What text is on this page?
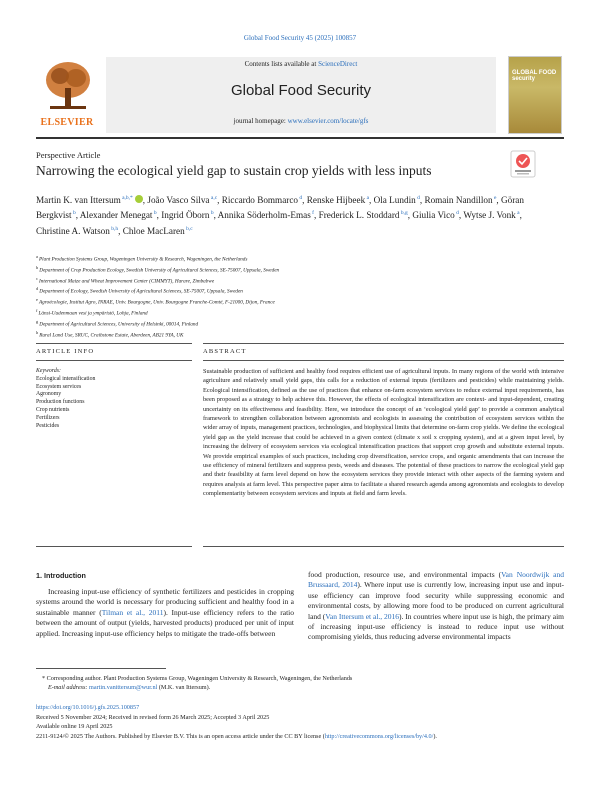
Global Food Security 45 (2025) 100857
ELSEVIER
Contents lists available at ScienceDirect
Global Food Security
journal homepage: www.elsevier.com/locate/gfs
GLOBAL FOOD security
Perspective Article
Narrowing the ecological yield gap to sustain crop yields with less inputs
Martin K. van Ittersum $^{a,b,*}$ , João Vasco Silva $^{a,c}$, Riccardo Bommarco $^d$, Renske Hijbeek $^a$, Ola Lundin $^d$, Romain Nandillon $^e$, Göran Bergkvist $^b$, Alexander Menegat $^b$, Ingrid Öborn $^b$, Annika Söderholm-Emas $^f$, Frederick L. Stoddard $^{b,g}$, Giulia Vico $^d$, Wytse J. Vonk $^a$, Christine A. Watson $^{b,h}$, Chloe MacLaren $^{b,c}$
$^a$ Plant Production Systems Group, Wageningen University & Research, Wageningen, the Netherlands
$^b$ Department of Crop Production Ecology, Swedish University of Agricultural Sciences, SE-75007, Uppsala, Sweden
$^c$ International Maize and Wheat Improvement Center (CIMMYT), Harare, Zimbabwe
$^d$ Department of Ecology, Swedish University of Agricultural Sciences, SE-75007, Uppsala, Sweden
$^e$ Agroécologie, Institut Agro, INRAE, Univ. Bourgogne, Univ. Bourgogne Franche-Comté, F-21000, Dijon, France
$^f$ Länsi-Uudenmaan vesi ja ympäristö, Lohja, Finland
$^g$ Department of Agricultural Sciences, University of Helsinki, 00014, Finland
$^h$ Rural Land Use, SRUC, Craibstone Estate, Aberdeen, AB21 9YA, UK
ARTICLE INFO	ABSTRACT
Keywords:
Ecological intensification
Ecosystem services
Agronomy
Production functions
Crop nutrients
Fertilizers
Pesticides
Sustainable production of sufficient and healthy food requires efficient use of agricultural inputs. In many regions of the world with intensive agriculture and relatively small yield gaps, this calls for a reduction of external inputs (fertilizers and pesticides) while maintaining yields. Ecological intensification, defined as the use of practices that enhance on-farm ecosystem services to reduce external input requirements, has been proposed as a strategy to help achieve this. However, the effects of ecological intensification are context- and input-dependent, creating uncertainty on its effectiveness and feasibility. Here, we introduce the concept of an ‘ecological yield gap’ to provide a common analytical framework to strengthen collaboration between agronomists and ecologists in assessing the contribution of ecosystem services within the wider array of inputs, management practices, technologies, and biophysical limits that determine on-farm crop yields. We define the ecological yield gap as the yield increase that could be achieved in a given context (climate x soil x cropping system), and at a given input level, by increasing the delivery of ecosystem services via ecological intensification practices that support crop growth and substitute external inputs. We provide empirical examples of such practices, including crop diversification, service crops, and organic amendments that can increase the use efficiency of mineral fertilizers and suppress pests, weeds and diseases. The potential of these practices to narrow the ecological yield gap and their feasibility at farm level depend on how the ecosystem services they provide interact with other aspects of the farming system and requires analysis at farm level. This perspective paper aims to facilitate a shared research agenda among agronomists and ecologists to develop complementarity between ecosystem services and inputs at field and farm levels.
1. Introduction
Increasing input-use efficiency of synthetic fertilizers and pesticides in cropping systems around the world is necessary for producing sufficient and healthy food in a sustainable manner (Tilman et al., 2011). Input-use efficiency refers to the ratio between the amount of output (yields, harvested products) produced per unit of input applied. Increasing input-use efficiency helps to mitigate the trade-offs between
food production, resource use, and environmental impacts (Van Noordwijk and Brussaard, 2014). Where input use is currently low, increasing input use and input-use efficiency can improve food security while suppressing economic and environmental costs, by allowing more food to be produced on current agricultural land (Van Ittersum et al., 2016). In countries where input use is high, the primary aim of increasing input-use efficiency is instead to reduce input use without compromising yields, thus reducing adverse environmental impacts
* Corresponding author. Plant Production Systems Group, Wageningen University & Research, Wageningen, the Netherlands
E-mail address: martin.vanittersum@wur.nl (M.K. van Ittersum).
https://doi.org/10.1016/j.gfs.2025.100857
Received 5 November 2024; Received in revised form 26 March 2025; Accepted 3 April 2025
Available online 19 April 2025
2211-9124/© 2025 The Authors. Published by Elsevier B.V. This is an open access article under the CC BY license (http://creativecommons.org/licenses/by/4.0/).
